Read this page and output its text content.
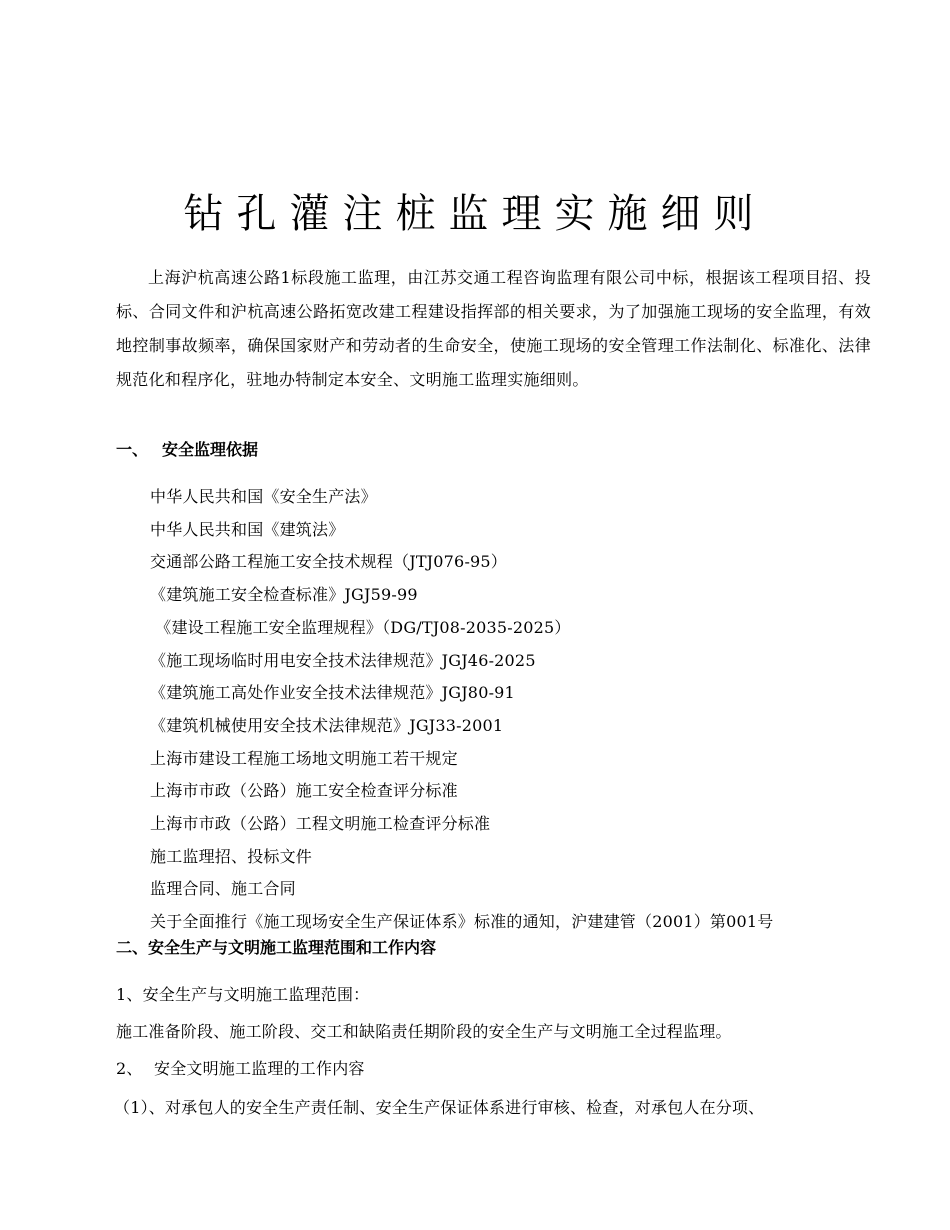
钻孔灌注桩监理实施细则

上海沪杭高速公路1标段施工监理，由江苏交通工程咨询监理有限公司中标，根据该工程项目招、投标、合同文件和沪杭高速公路拓宽改建工程建设指挥部的相关要求，为了加强施工现场的安全监理，有效地控制事故频率，确保国家财产和劳动者的生命安全，使施工现场的安全管理工作法制化、标准化、法律规范化和程序化，驻地办特制定本安全、文明施工监理实施细则。

一、 安全监理依据
中华人民共和国《安全生产法》
中华人民共和国《建筑法》
交通部公路工程施工安全技术规程（JTJ076-95）
《建筑施工安全检查标准》JGJ59-99
《建设工程施工安全监理规程》（DG/TJ08-2035-2025）
《施工现场临时用电安全技术法律规范》JGJ46-2025
《建筑施工高处作业安全技术法律规范》JGJ80-91
《建筑机械使用安全技术法律规范》JGJ33-2001
上海市建设工程施工场地文明施工若干规定
上海市市政（公路）施工安全检查评分标准
上海市市政（公路）工程文明施工检查评分标准
施工监理招、投标文件
监理合同、施工合同
关于全面推行《施工现场安全生产保证体系》标准的通知，沪建建管（2001）第001号
二、安全生产与文明施工监理范围和工作内容
1、安全生产与文明施工监理范围：
施工准备阶段、施工阶段、交工和缺陷责任期阶段的安全生产与文明施工全过程监理。
2、 安全文明施工监理的工作内容
（1）、对承包人的安全生产责任制、安全生产保证体系进行审核、检查，对承包人在分项、
